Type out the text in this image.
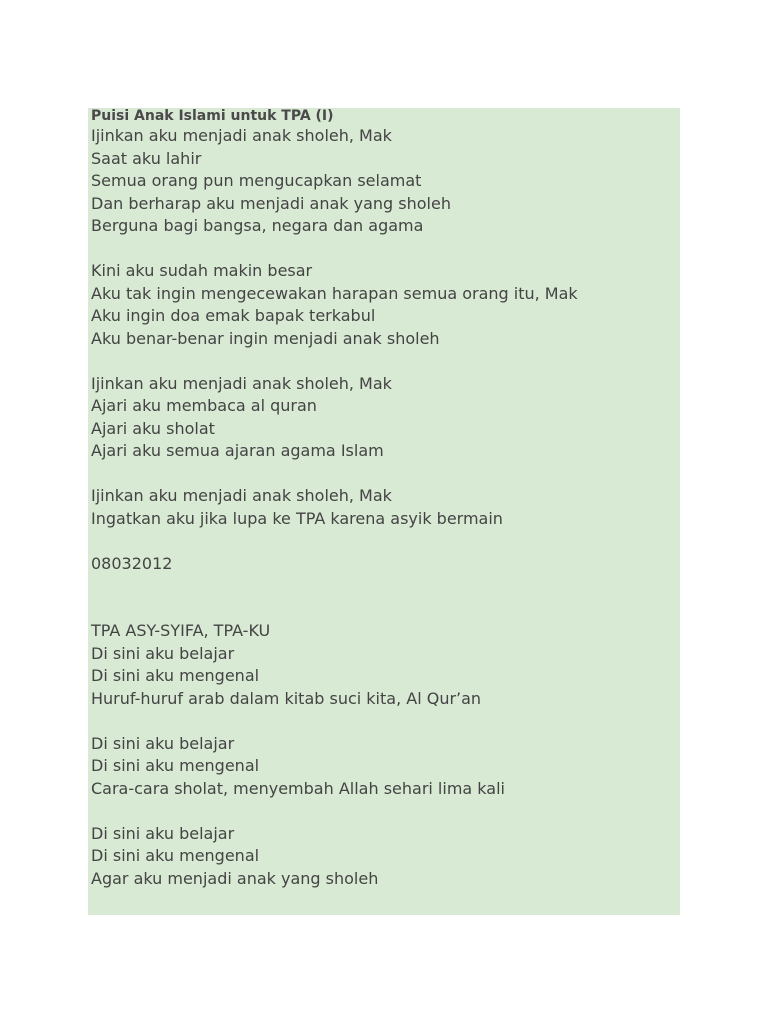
Puisi Anak Islami untuk TPA (I)
Ijinkan aku menjadi anak sholeh, Mak
Saat aku lahir
Semua orang pun mengucapkan selamat
Dan berharap aku menjadi anak yang sholeh
Berguna bagi bangsa, negara dan agama
Kini aku sudah makin besar
Aku tak ingin mengecewakan harapan semua orang itu, Mak
Aku ingin doa emak bapak terkabul
Aku benar-benar ingin menjadi anak sholeh
Ijinkan aku menjadi anak sholeh, Mak
Ajari aku membaca al quran
Ajari aku sholat
Ajari aku semua ajaran agama Islam
Ijinkan aku menjadi anak sholeh, Mak
Ingatkan aku jika lupa ke TPA karena asyik bermain
08032012
TPA ASY-SYIFA, TPA-KU
Di sini aku belajar
Di sini aku mengenal
Huruf-huruf arab dalam kitab suci kita, Al Qur’an
Di sini aku belajar
Di sini aku mengenal
Cara-cara sholat, menyembah Allah sehari lima kali
Di sini aku belajar
Di sini aku mengenal
Agar aku menjadi anak yang sholeh
